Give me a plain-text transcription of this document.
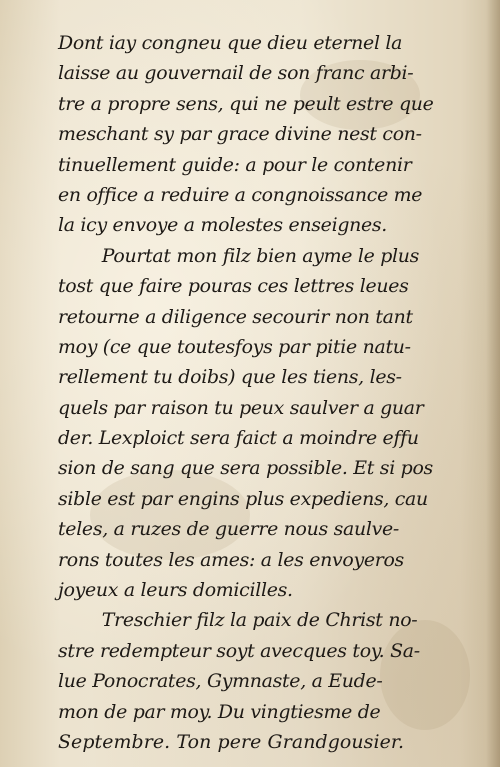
Dont iay congneu que dieu eternel la
laisse au gouvernail de son franc arbi-
tre a propre sens, qui ne peult estre que
meschant sy par grace divine nest con-
tinuellement guide: a pour le contenir
en office a reduire a congnoissance me
la icy envoye a molestes enseignes.
Pourtat mon filz bien ayme le plus
tost que faire pouras ces lettres leues
retourne a diligence secourir non tant
moy (ce que toutesfoys par pitie natu-
rellement tu doibs) que les tiens, les-
quels par raison tu peux saulver a guar
der. Lexploict sera faict a moindre effu
sion de sang que sera possible. Et si pos
sible est par engins plus expediens, cau
teles, a ruzes de guerre nous saulve-
rons toutes les ames: a les envoyeros
joyeux a leurs domicilles.
Treschier filz la paix de Christ no-
stre redempteur soyt avecques toy. Sa-
lue Ponocrates, Gymnaste, a Eude-
mon de par moy. Du vingtiesme de
Septembre. Ton pere Grandgousier.
